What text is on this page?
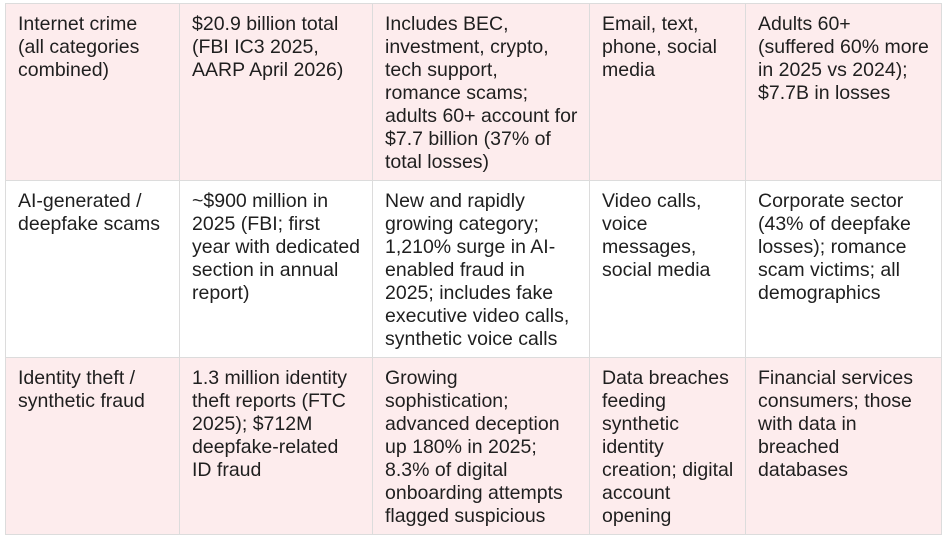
Internet crime (all categories combined)	$20.9 billion total (FBI IC3 2025, AARP April 2026)	Includes BEC, investment, crypto, tech support, romance scams; adults 60+ account for $7.7 billion (37% of total losses)	Email, text, phone, social media	Adults 60+ (suffered 60% more in 2025 vs 2024); $7.7B in losses
AI-generated / deepfake scams	~$900 million in 2025 (FBI; first year with dedicated section in annual report)	New and rapidly growing category; 1,210% surge in AI-enabled fraud in 2025; includes fake executive video calls, synthetic voice calls	Video calls, voice messages, social media	Corporate sector (43% of deepfake losses); romance scam victims; all demographics
Identity theft / synthetic fraud	1.3 million identity theft reports (FTC 2025); $712M deepfake-related ID fraud	Growing sophistication; advanced deception up 180% in 2025; 8.3% of digital onboarding attempts flagged suspicious	Data breaches feeding synthetic identity creation; digital account opening	Financial services consumers; those with data in breached databases
